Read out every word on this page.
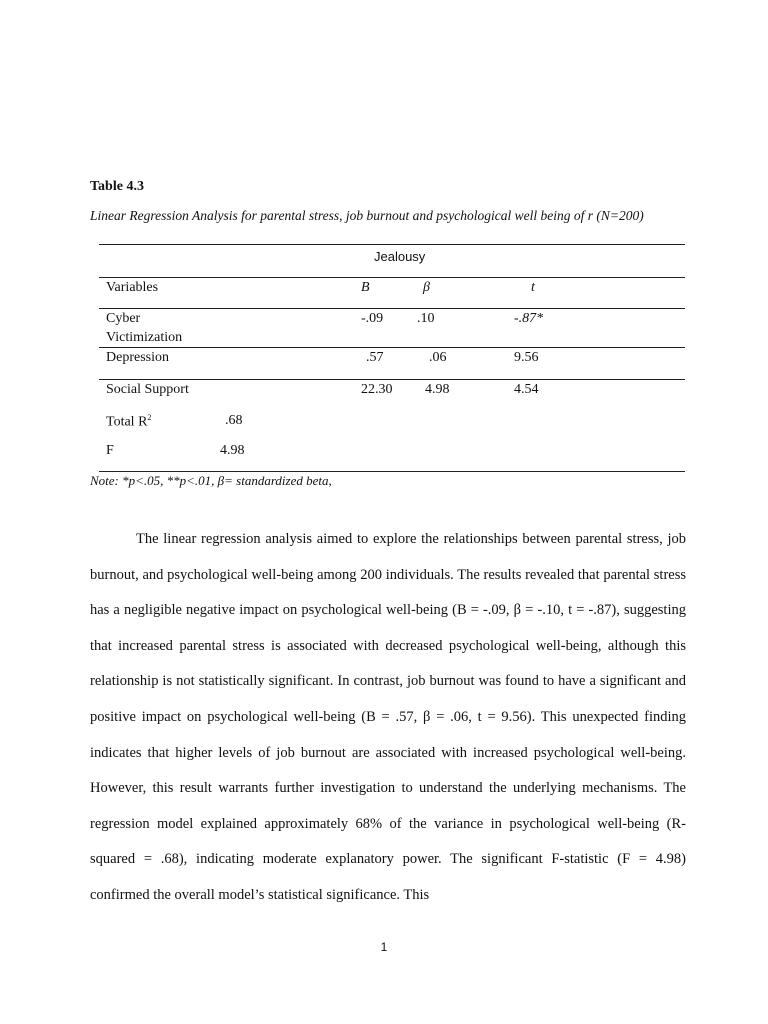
Table 4.3
Linear Regression Analysis for parental stress, job burnout and psychological well being of r (N=200)
Jealousy
Variables	B	β	t
Cyber
Victimization
-.09 .10	-.87*
Depression	.57	.06	9.56
Social Support	22.30 4.98	4.54
Total $R^2$	.68
F	4.98
Note: *p<.05, **p<.01, β= standardized beta,

The linear regression analysis aimed to explore the relationships between parental stress, job burnout, and psychological well-being among 200 individuals. The results revealed that parental stress has a negligible negative impact on psychological well-being (B = -.09, β = -.10, t = -.87), suggesting that increased parental stress is associated with decreased psychological well-being, although this relationship is not statistically significant. In contrast, job burnout was found to have a significant and positive impact on psychological well-being (B = .57, β = .06, t = 9.56). This unexpected finding indicates that higher levels of job burnout are associated with increased psychological well-being. However, this result warrants further investigation to understand the underlying mechanisms. The regression model explained approximately 68% of the variance in psychological well-being (R-squared = .68), indicating moderate explanatory power. The significant F-statistic (F = 4.98) confirmed the overall model’s statistical significance. This

1
